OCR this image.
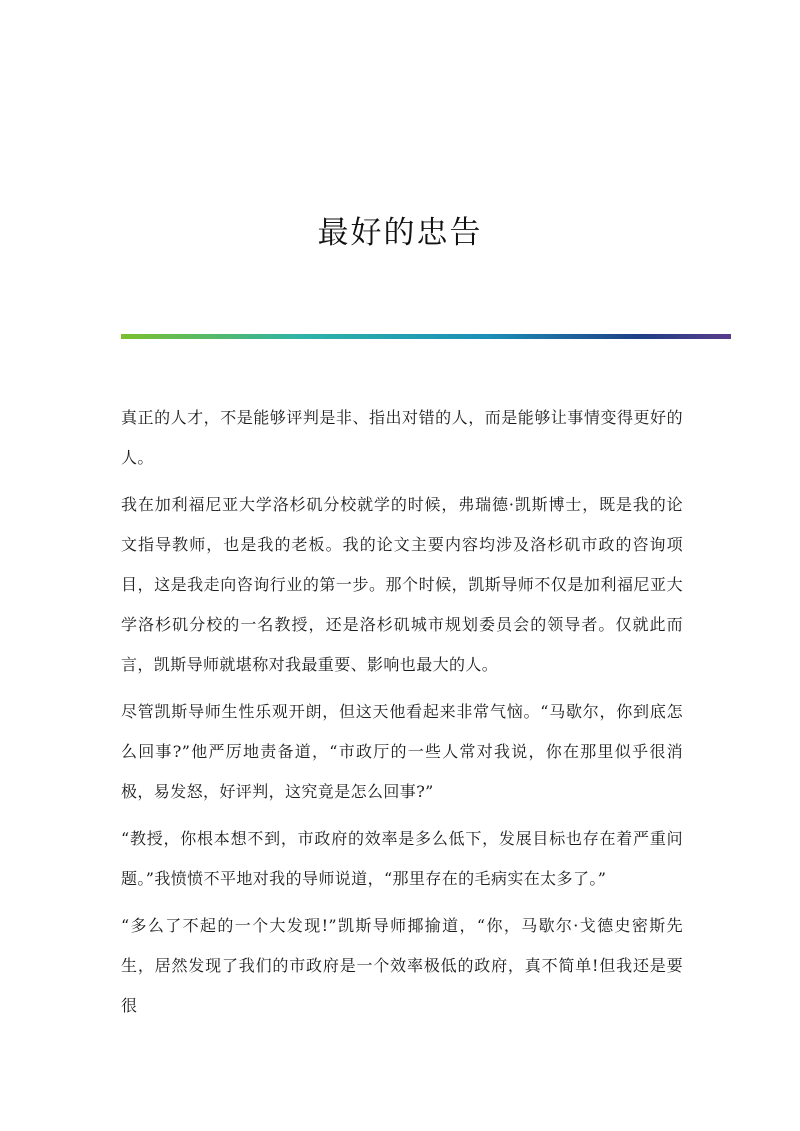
最好的忠告

真正的人才，不是能够评判是非、指出对错的人，而是能够让事情变得更好的人。

我在加利福尼亚大学洛杉矶分校就学的时候，弗瑞德·凯斯博士，既是我的论文指导教师，也是我的老板。我的论文主要内容均涉及洛杉矶市政的咨询项目，这是我走向咨询行业的第一步。那个时候，凯斯导师不仅是加利福尼亚大学洛杉矶分校的一名教授，还是洛杉矶城市规划委员会的领导者。仅就此而言，凯斯导师就堪称对我最重要、影响也最大的人。

尽管凯斯导师生性乐观开朗，但这天他看起来非常气恼。“马歇尔，你到底怎么回事?”他严厉地责备道，“市政厅的一些人常对我说，你在那里似乎很消极，易发怒，好评判，这究竟是怎么回事?”

“教授，你根本想不到，市政府的效率是多么低下，发展目标也存在着严重问题。”我愤愤不平地对我的导师说道，“那里存在的毛病实在太多了。”

“多么了不起的一个大发现!”凯斯导师揶揄道，“你，马歇尔·戈德史密斯先生，居然发现了我们的市政府是一个效率极低的政府，真不简单!但我还是要很
